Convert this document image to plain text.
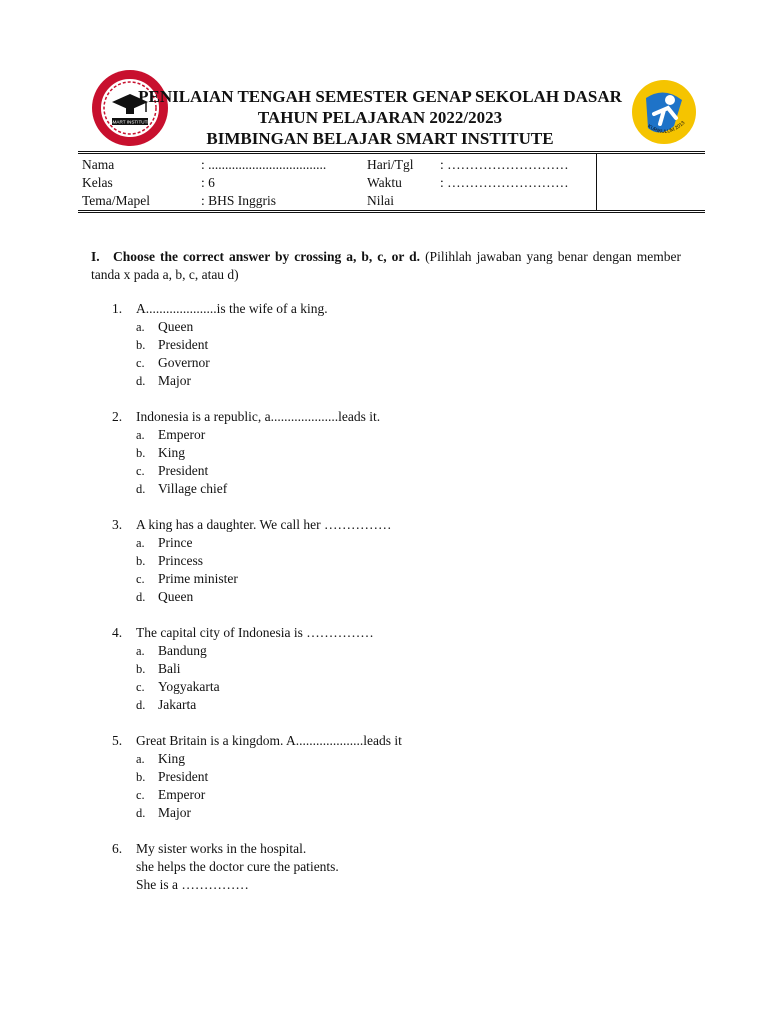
SMART INSTITUTE
KURIKULUM 2013
PENILAIAN TENGAH SEMESTER GENAP SEKOLAH DASAR
TAHUN PELAJARAN 2022/2023
BIMBINGAN BELAJAR SMART INSTITUTE
Nama	: ...................................	Hari/Tgl : ………………………
Kelas	: 6	Waktu	: ………………………
Tema/Mapel	: BHS Inggris	Nilai
I. Choose the correct answer by crossing a, b, c, or d. (Pilihlah jawaban yang benar dengan member tanda x pada a, b, c, atau d)
1.	A.....................is the wife of a king.
a. Queen
b. President
c. Governor
d. Major
2.	Indonesia is a republic, a....................leads it.
a. Emperor
b. King
c. President
d. Village chief
3.	A king has a daughter. We call her ……………
a. Prince
b. Princess
c. Prime minister
d. Queen
4.	The capital city of Indonesia is ……………
a. Bandung
b. Bali
c. Yogyakarta
d. Jakarta
5.	Great Britain is a kingdom. A....................leads it
a. King
b. President
c. Emperor
d. Major
6.	My sister works in the hospital.
she helps the doctor cure the patients.
She is a ……………
